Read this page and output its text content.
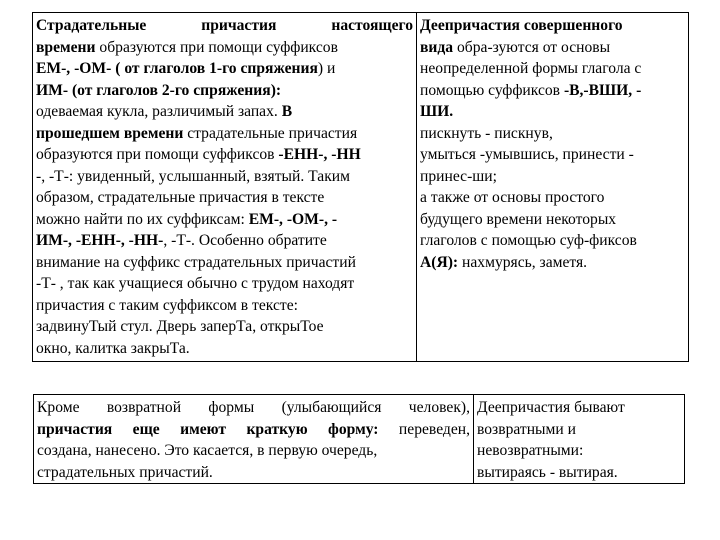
Страдательные причастия настоящего
времени образуются при помощи суффиксов
ЕМ-, -ОМ- ( от глаголов 1-го спряжения) и
ИМ- (от глаголов 2-го спряжения):
одеваемая кукла, различимый запах. В
прошедшем времени страдательные причастия
образуются при помощи суффиксов -ЕНН-, -НН
-, -Т-: увиденный, услышанный, взятый. Таким
образом, страдательные причастия в тексте
можно найти по их суффиксам: ЕМ-, -ОМ-, -
ИМ-, -ЕНН-, -НН-, -Т-. Особенно обратите
внимание на суффикс страдательных причастий
-Т- , так как учащиеся обычно с трудом находят
причастия с таким суффиксом в тексте:
задвинуТый стул. Дверь заперТа, открыТое
окно, калитка закрыТа.

Деепричастия совершенного
вида обра-зуются от основы
неопределенной формы глагола с
помощью суффиксов -В,-ВШИ, -
ШИ.
пискнуть - пискнув,
умыться -умывшись, принести -
принес-ши;
а также от основы простого
будущего времени некоторых
глаголов с помощью суф-фиксов
А(Я): нахмурясь, заметя.
Кроме возвратной формы (улыбающийся человек),
причастия еще имеют краткую форму: переведен,
создана, нанесено. Это касается, в первую очередь,
страдательных причастий.

Деепричастия бывают
возвратными и
невозвратными:
вытираясь - вытирая.
